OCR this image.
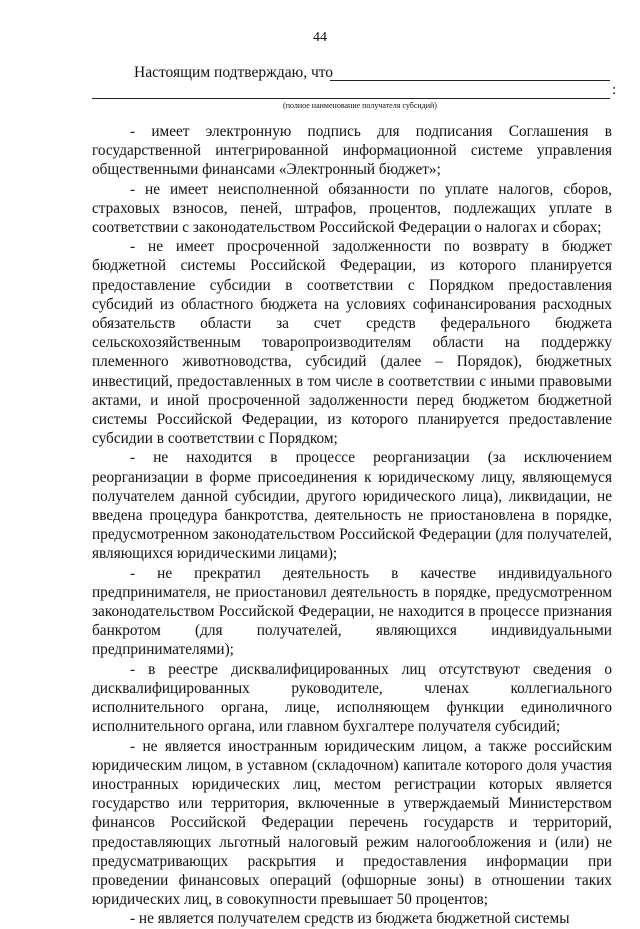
44
Настоящим подтверждаю, что
:
(полное наименование получателя субсидий)

- имеет электронную подпись для подписания Соглашения в государственной интегрированной информационной системе управления общественными финансами «Электронный бюджет»;

- не имеет неисполненной обязанности по уплате налогов, сборов, страховых взносов, пеней, штрафов, процентов, подлежащих уплате в соответствии с законодательством Российской Федерации о налогах и сборах;

- не имеет просроченной задолженности по возврату в бюджет бюджетной системы Российской Федерации, из которого планируется предоставление субсидии в соответствии с Порядком предоставления субсидий из областного бюджета на условиях софинансирования расходных обязательств области за счет средств федерального бюджета сельскохозяйственным товаропроизводителям области на поддержку племенного животноводства, субсидий (далее – Порядок), бюджетных инвестиций, предоставленных в том числе в соответствии с иными правовыми актами, и иной просроченной задолженности перед бюджетом бюджетной системы Российской Федерации, из которого планируется предоставление субсидии в соответствии с Порядком;

- не находится в процессе реорганизации (за исключением реорганизации в форме присоединения к юридическому лицу, являющемуся получателем данной субсидии, другого юридического лица), ликвидации, не введена процедура банкротства, деятельность не приостановлена в порядке, предусмотренном законодательством Российской Федерации (для получателей, являющихся юридическими лицами);

- не прекратил деятельность в качестве индивидуального предпринимателя, не приостановил деятельность в порядке, предусмотренном законодательством Российской Федерации, не находится в процессе признания банкротом (для получателей, являющихся индивидуальными предпринимателями);

- в реестре дисквалифицированных лиц отсутствуют сведения о дисквалифицированных руководителе, членах коллегиального исполнительного органа, лице, исполняющем функции единоличного исполнительного органа, или главном бухгалтере получателя субсидий;

- не является иностранным юридическим лицом, а также российским юридическим лицом, в уставном (складочном) капитале которого доля участия иностранных юридических лиц, местом регистрации которых является государство или территория, включенные в утверждаемый Министерством финансов Российской Федерации перечень государств и территорий, предоставляющих льготный налоговый режим налогообложения и (или) не предусматривающих раскрытия и предоставления информации при проведении финансовых операций (офшорные зоны) в отношении таких юридических лиц, в совокупности превышает 50 процентов;

- не является получателем средств из бюджета бюджетной системы
